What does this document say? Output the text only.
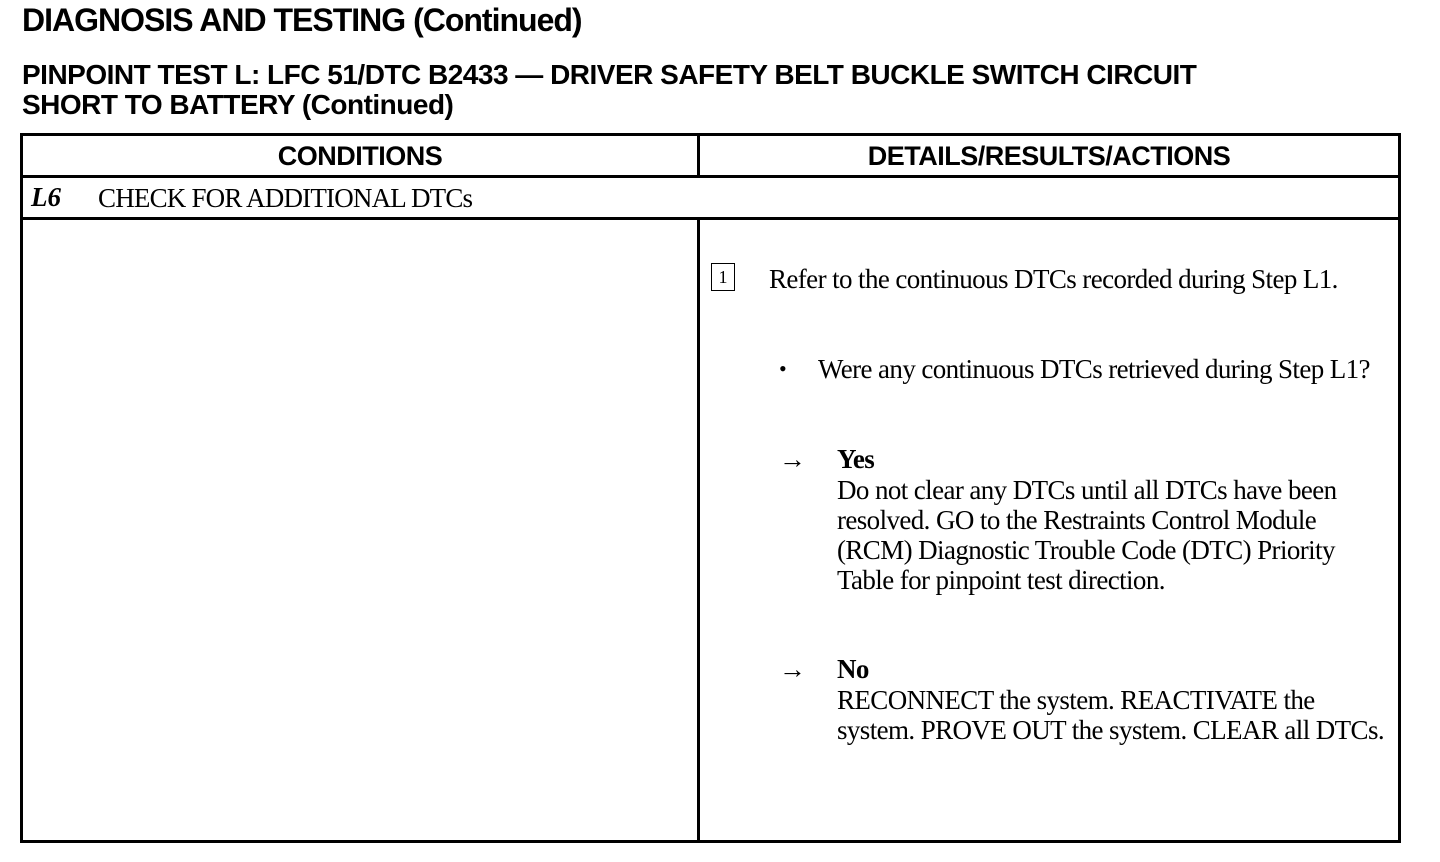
DIAGNOSIS AND TESTING (Continued)
PINPOINT TEST L: LFC 51/DTC B2433 — DRIVER SAFETY BELT BUCKLE SWITCH CIRCUIT
SHORT TO BATTERY (Continued)
CONDITIONS	DETAILS/RESULTS/ACTIONS
L6 CHECK FOR ADDITIONAL DTCs
1 Refer to the continuous DTCs recorded during Step L1.
• Were any continuous DTCs retrieved during Step L1?
→ Yes
Do not clear any DTCs until all DTCs have been resolved. GO to the Restraints Control Module (RCM) Diagnostic Trouble Code (DTC) Priority Table for pinpoint test direction.
→ No
RECONNECT the system. REACTIVATE the system. PROVE OUT the system. CLEAR all DTCs.
